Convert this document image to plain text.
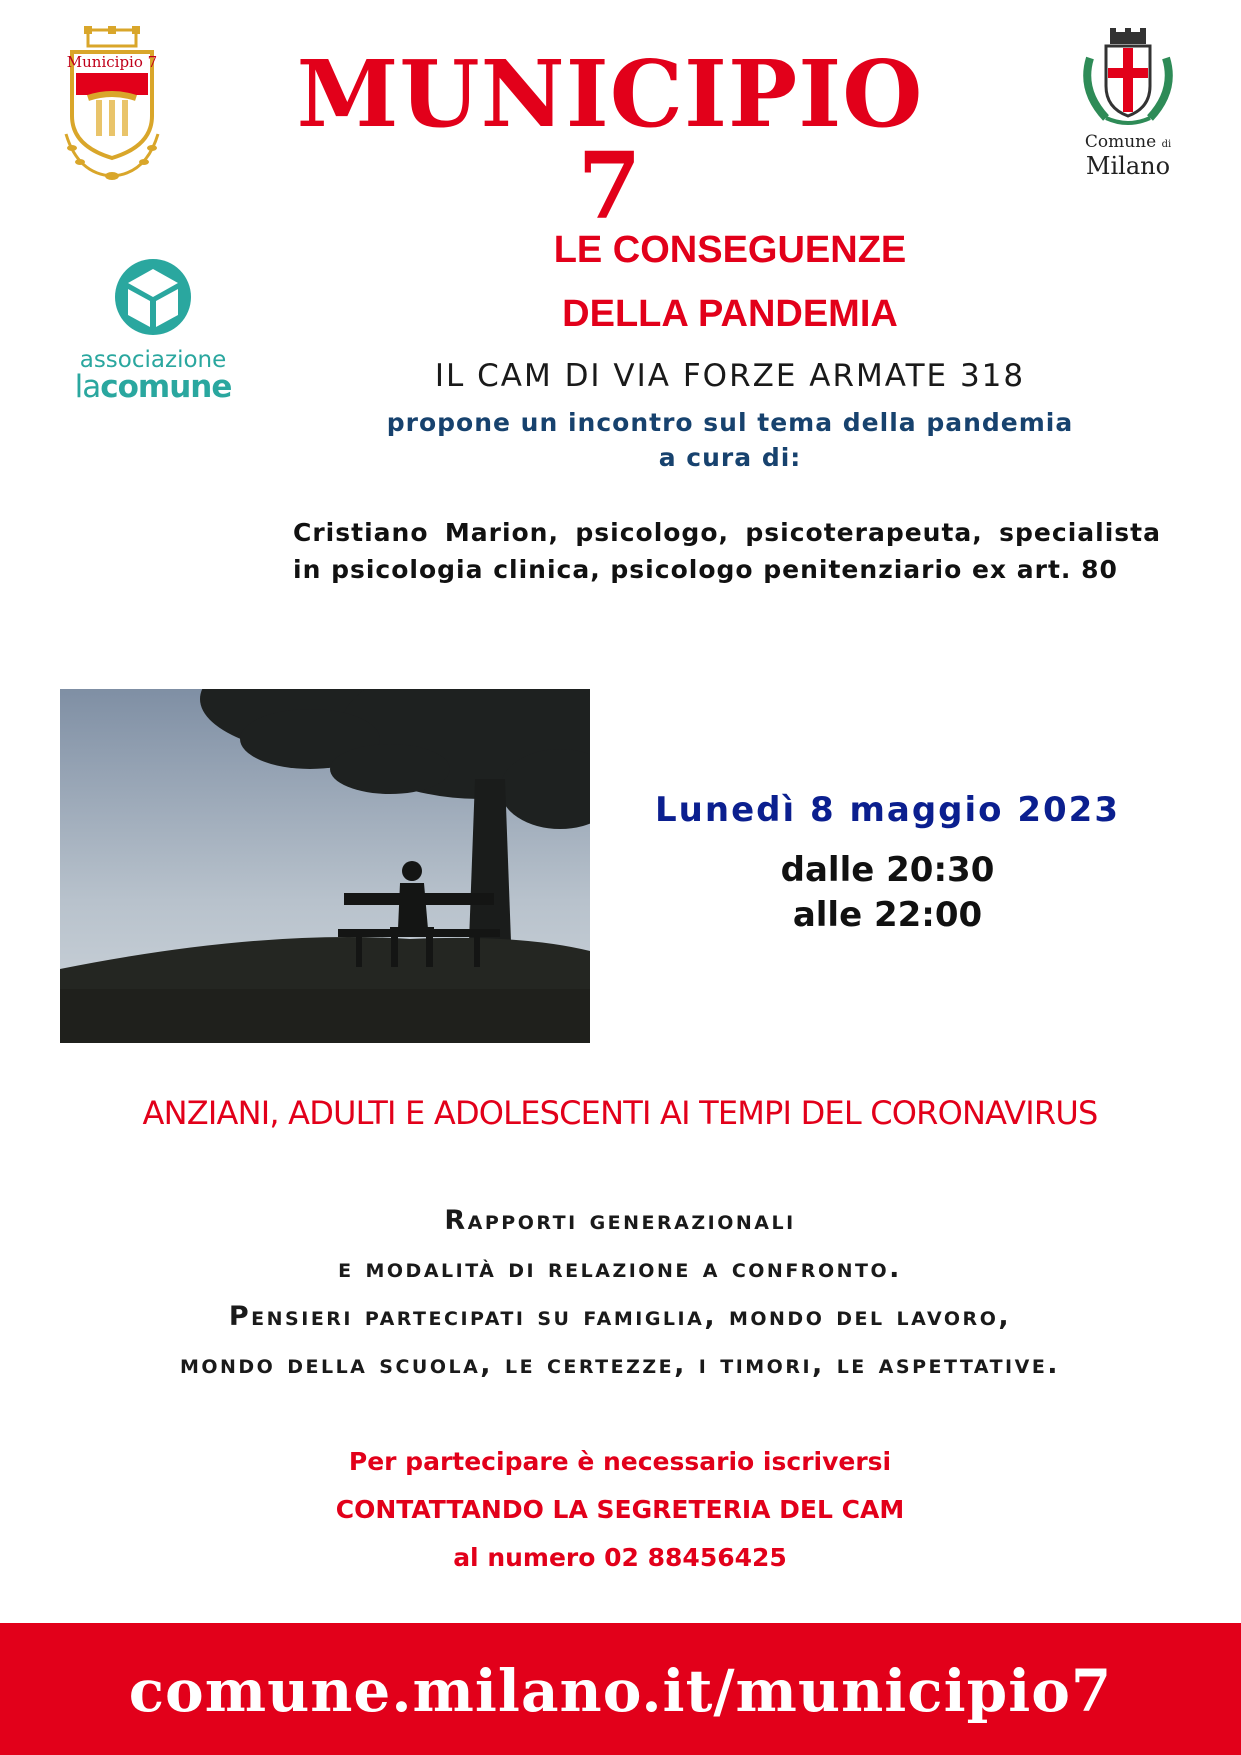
Municipio 7	MUNICIPIO 7	Comune di
Milano
associazione
lacomune
LE CONSEGUENZE
DELLA PANDEMIA
IL CAM DI VIA FORZE ARMATE 318
propone un incontro sul tema della pandemia
a cura di:
Cristiano Marion, psicologo, psicoterapeuta, specialista in psicologia clinica, psicologo penitenziario ex art. 80
Lunedì 8 maggio 2023
dalle 20:30
alle 22:00
ANZIANI, ADULTI E ADOLESCENTI AI TEMPI DEL CORONAVIRUS
Rapporti generazionali
e modalità di relazione a confronto.
Pensieri partecipati su famiglia, mondo del lavoro,
mondo della scuola, le certezze, i timori, le aspettative.
Per partecipare è necessario iscriversi
CONTATTANDO LA SEGRETERIA DEL CAM
al numero 02 88456425
comune.milano.it/municipio7
